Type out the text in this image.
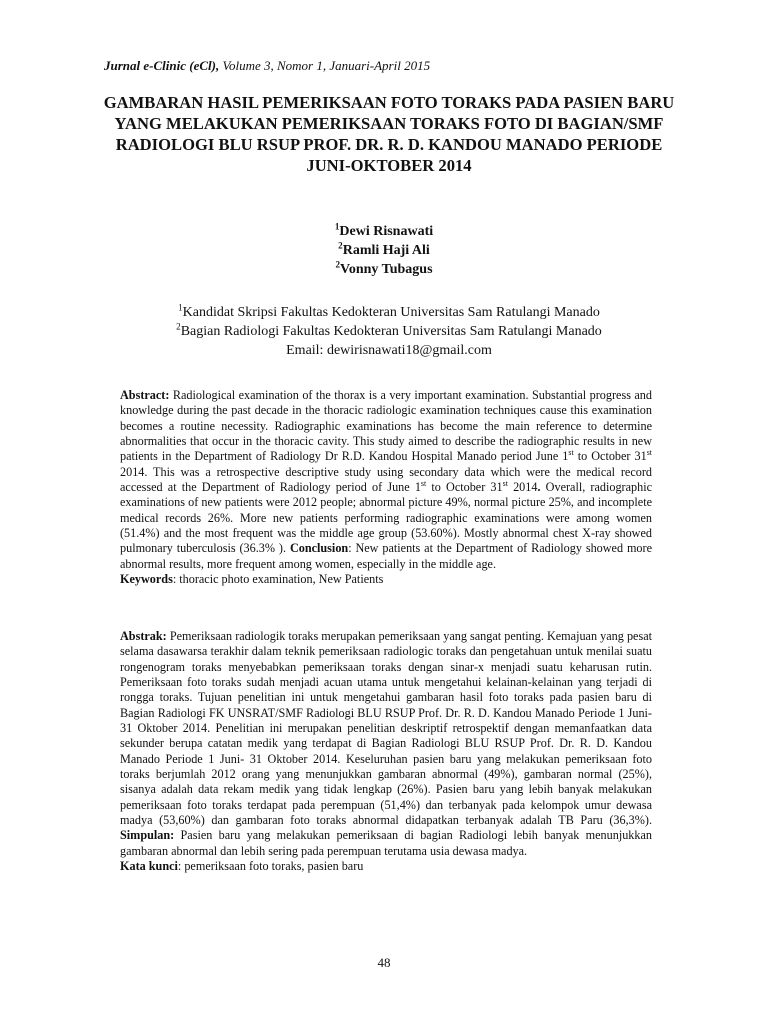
Jurnal e-Clinic (eCl), Volume 3, Nomor 1, Januari-April 2015
GAMBARAN HASIL PEMERIKSAAN FOTO TORAKS PADA PASIEN BARU YANG MELAKUKAN PEMERIKSAAN TORAKS FOTO DI BAGIAN/SMF RADIOLOGI BLU RSUP PROF. DR. R. D. KANDOU MANADO PERIODE JUNI-OKTOBER 2014
$^1$Dewi Risnawati
$^2$Ramli Haji Ali
$^2$Vonny Tubagus
$^1$Kandidat Skripsi Fakultas Kedokteran Universitas Sam Ratulangi Manado
$^2$Bagian Radiologi Fakultas Kedokteran Universitas Sam Ratulangi Manado
Email: dewirisnawati18@gmail.com
Abstract: Radiological examination of the thorax is a very important examination. Substantial progress and knowledge during the past decade in the thoracic radiologic examination techniques cause this examination becomes a routine necessity. Radiographic examinations has become the main reference to determine abnormalities that occur in the thoracic cavity. This study aimed to describe the radiographic results in new patients in the Department of Radiology Dr R.D. Kandou Hospital Manado period June 1st to October 31st 2014. This was a retrospective descriptive study using secondary data which were the medical record accessed at the Department of Radiology period of June 1st to October 31st 2014. Overall, radiographic examinations of new patients were 2012 people; abnormal picture 49%, normal picture 25%, and incomplete medical records 26%. More new patients performing radiographic examinations were among women (51.4%) and the most frequent was the middle age group (53.60%). Mostly abnormal chest X-ray showed pulmonary tuberculosis (36.3% ). Conclusion: New patients at the Department of Radiology showed more abnormal results, more frequent among women, especially in the middle age.
Keywords: thoracic photo examination, New Patients
Abstrak: Pemeriksaan radiologik toraks merupakan pemeriksaan yang sangat penting. Kemajuan yang pesat selama dasawarsa terakhir dalam teknik pemeriksaan radiologic toraks dan pengetahuan untuk menilai suatu rongenogram toraks menyebabkan pemeriksaan toraks dengan sinar-x menjadi suatu keharusan rutin. Pemeriksaan foto toraks sudah menjadi acuan utama untuk mengetahui kelainan-kelainan yang terjadi di rongga toraks. Tujuan penelitian ini untuk mengetahui gambaran hasil foto toraks pada pasien baru di Bagian Radiologi FK UNSRAT/SMF Radiologi BLU RSUP Prof. Dr. R. D. Kandou Manado Periode 1 Juni-31 Oktober 2014. Penelitian ini merupakan penelitian deskriptif retrospektif dengan memanfaatkan data sekunder berupa catatan medik yang terdapat di Bagian Radiologi BLU RSUP Prof. Dr. R. D. Kandou Manado Periode 1 Juni- 31 Oktober 2014. Keseluruhan pasien baru yang melakukan pemeriksaan foto toraks berjumlah 2012 orang yang menunjukkan gambaran abnormal (49%), gambaran normal (25%), sisanya adalah data rekam medik yang tidak lengkap (26%). Pasien baru yang lebih banyak melakukan pemeriksaan foto toraks terdapat pada perempuan (51,4%) dan terbanyak pada kelompok umur dewasa madya (53,60%) dan gambaran foto toraks abnormal didapatkan terbanyak adalah TB Paru (36,3%). Simpulan: Pasien baru yang melakukan pemeriksaan di bagian Radiologi lebih banyak menunjukkan gambaran abnormal dan lebih sering pada perempuan terutama usia dewasa madya.
Kata kunci: pemeriksaan foto toraks, pasien baru
48
